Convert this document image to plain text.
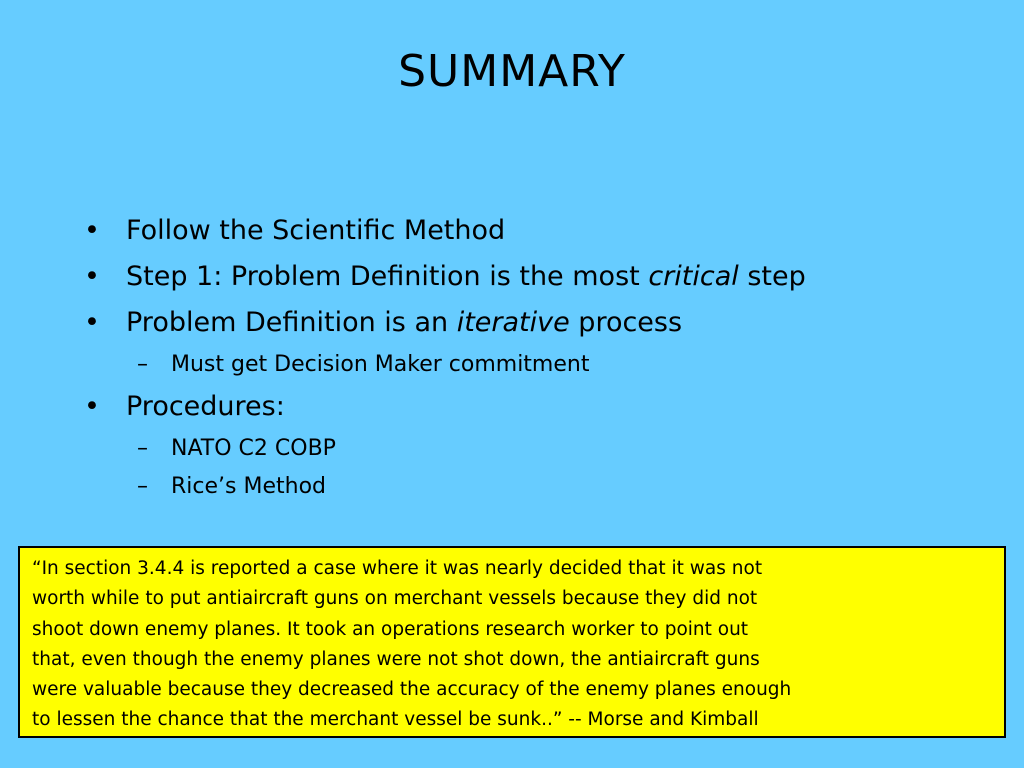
SUMMARY
• Follow the Scientific Method
• Step 1: Problem Definition is the most critical step
• Problem Definition is an iterative process
– Must get Decision Maker commitment
• Procedures:
– NATO C2 COBP
– Rice’s Method
“In section 3.4.4 is reported a case where it was nearly decided that it was not
worth while to put antiaircraft guns on merchant vessels because they did not
shoot down enemy planes. It took an operations research worker to point out
that, even though the enemy planes were not shot down, the antiaircraft guns
were valuable because they decreased the accuracy of the enemy planes enough
to lessen the chance that the merchant vessel be sunk..” -- Morse and Kimball
